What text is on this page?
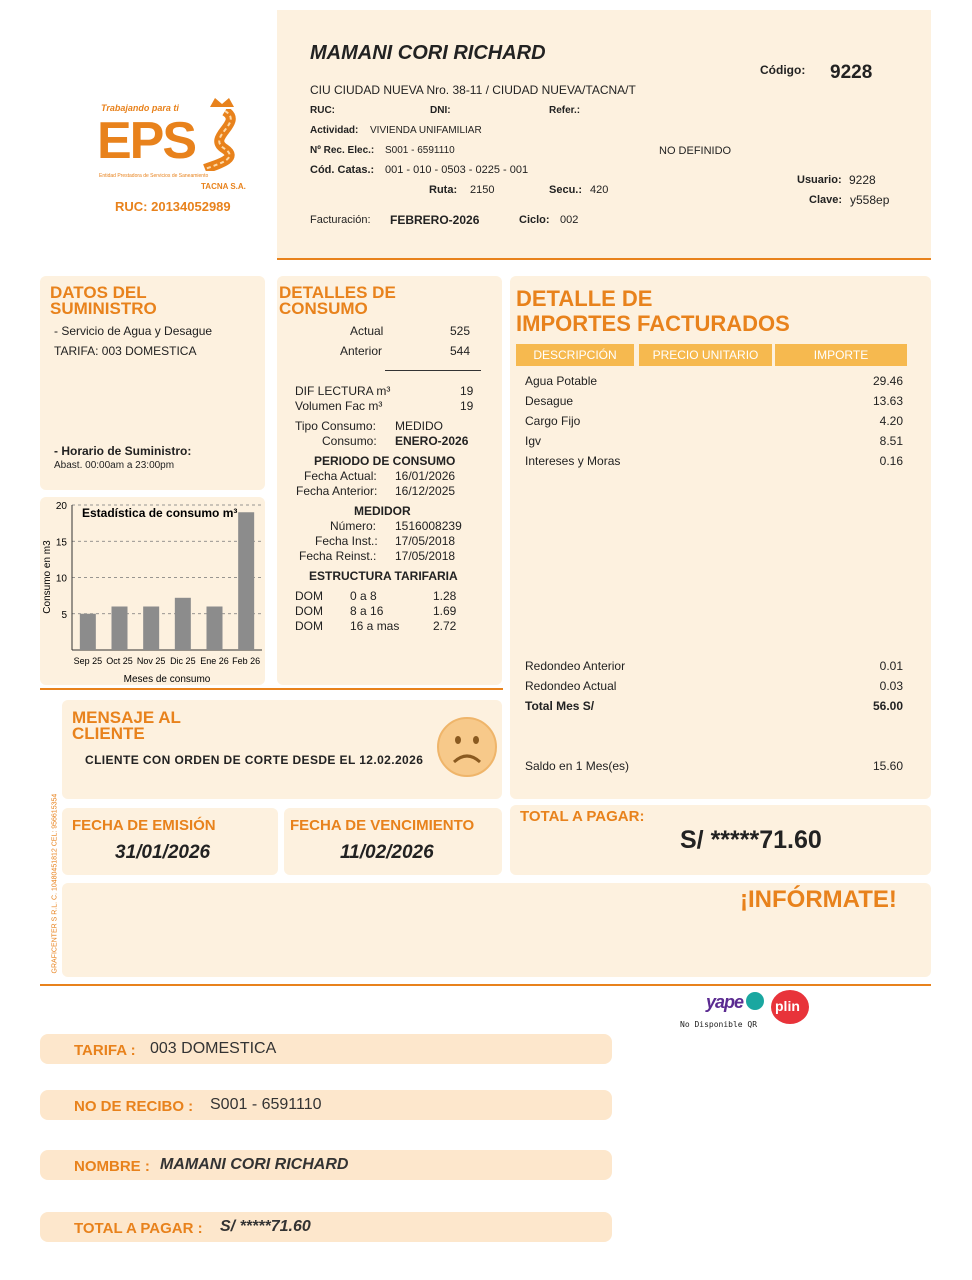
Trabajando para ti
EPS
Entidad Prestadora de Servicios de Saneamiento
TACNA S.A.
RUC: 20134052989
MAMANI CORI RICHARD
CIU CIUDAD NUEVA Nro. 38-11 / CIUDAD NUEVA/TACNA/T
Código: 9228
RUC:	DNI:	Refer.:
Actividad: VIVIENDA UNIFAMILIAR
Nº Rec. Elec.: S001 - 6591110	NO DEFINIDO
Cód. Catas.: 001 - 010 - 0503 - 0225 - 001
Ruta: 2150	Secu.: 420
Usuario: 9228
Clave: y558ep
Facturación: FEBRERO-2026	Ciclo: 002
DATOS DEL
SUMINISTRO
- Servicio de Agua y Desague
TARIFA: 003 DOMESTICA
- Horario de Suministro:
Abast. 00:00am a 23:00pm
5
10
15
20
Sep 25 Oct 25 Nov 25 Dic 25 Ene 26 Feb 26
Estadística de consumo m³
Meses de consumo
Consumo en m3
DETALLES DE
CONSUMO
Actual	525
Anterior	544
DIF LECTURA m³	19
Volumen Fac m³	19
Tipo Consumo: MEDIDO
Consumo: ENERO-2026
PERIODO DE CONSUMO
Fecha Actual: 16/01/2026
Fecha Anterior: 16/12/2025
MEDIDOR
Número: 1516008239
Fecha Inst.: 17/05/2018
Fecha Reinst.: 17/05/2018
ESTRUCTURA TARIFARIA
DOM 0 a 8	1.28
DOM 8 a 16	1.69
DOM 16 a mas	2.72
DETALLE DE
IMPORTES FACTURADOS
DESCRIPCIÓN	PRECIO UNITARIO	IMPORTE
Agua Potable	29.46
Desague	13.63
Cargo Fijo	4.20
Igv	8.51
Intereses y Moras	0.16
Redondeo Anterior	0.01
Redondeo Actual	0.03
Total Mes S/	56.00
Saldo en 1 Mes(es)	15.60
MENSAJE AL
CLIENTE
CLIENTE CON ORDEN DE CORTE DESDE EL 12.02.2026
GRAFICENTER S R.L. C. 10480451812 CEL: 956615354 FECHA DE EMISIÓN
31/01/2026
FECHA DE VENCIMIENTO
11/02/2026
TOTAL A PAGAR:
S/ *****71.60
¡INFÓRMATE!
yape plin
No Disponible QR
TARIFA : 003 DOMESTICA
NO DE RECIBO : S001 - 6591110
NOMBRE : MAMANI CORI RICHARD
TOTAL A PAGAR : S/ *****71.60
